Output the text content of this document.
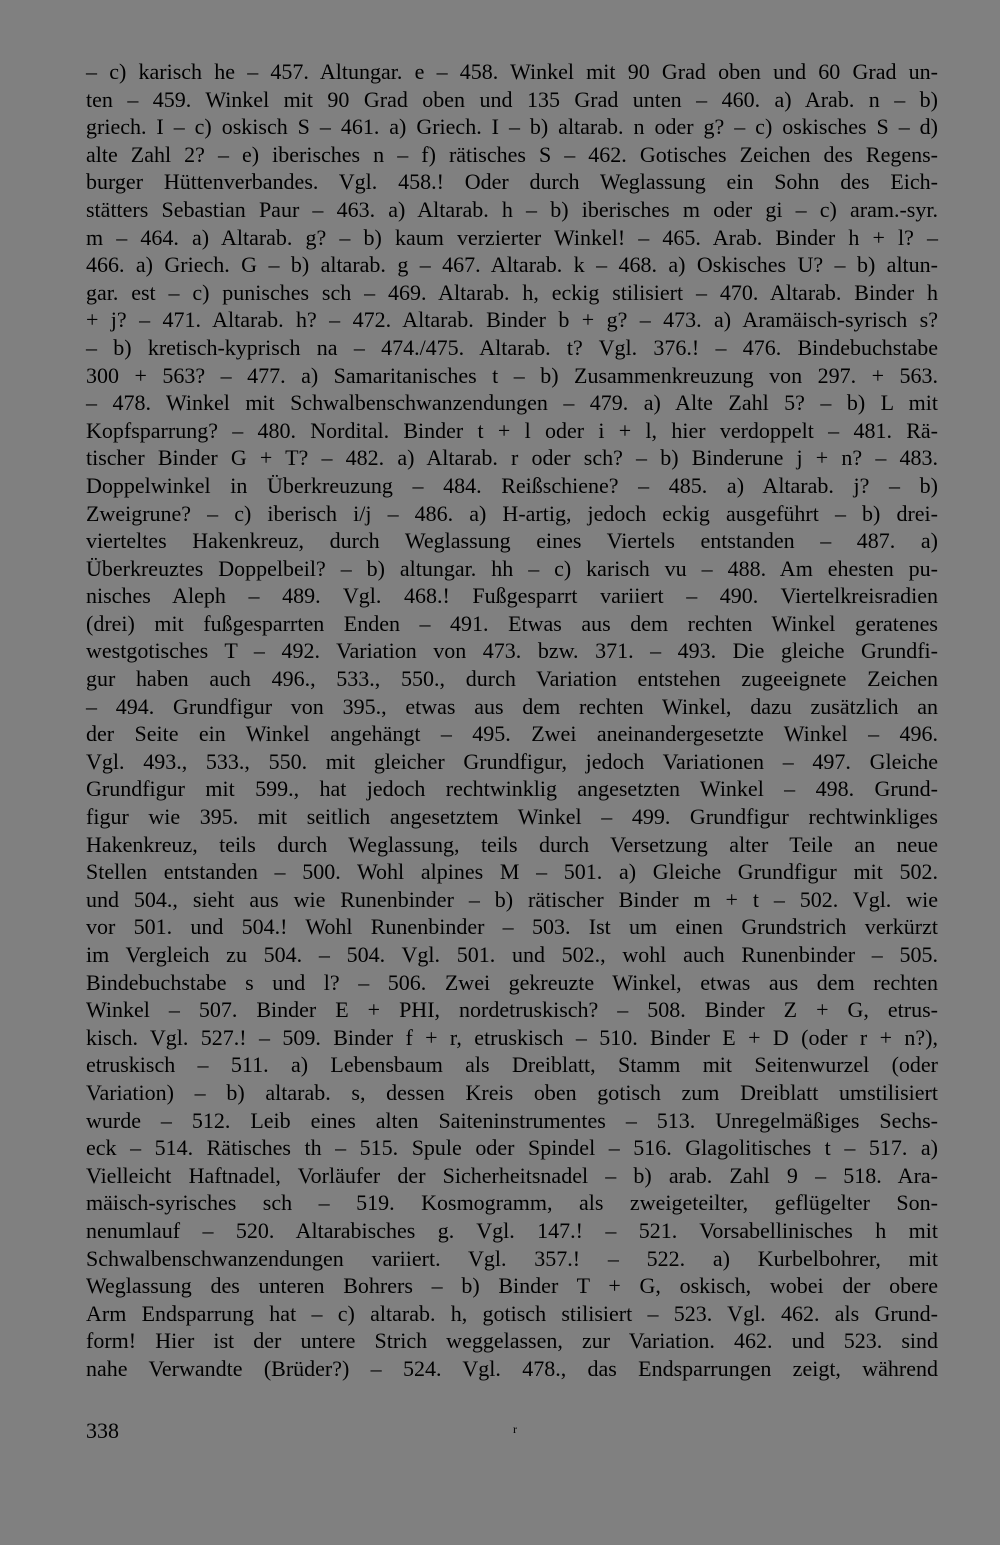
– c) karisch he – 457. Altungar. e – 458. Winkel mit 90 Grad oben und 60 Grad un-
ten – 459. Winkel mit 90 Grad oben und 135 Grad unten – 460. a) Arab. n – b)
griech. I – c) oskisch S – 461. a) Griech. I – b) altarab. n oder g? – c) oskisches S – d)
alte Zahl 2? – e) iberisches n – f) rätisches S – 462. Gotisches Zeichen des Regens-
burger Hüttenverbandes. Vgl. 458.! Oder durch Weglassung ein Sohn des Eich-
stätters Sebastian Paur – 463. a) Altarab. h – b) iberisches m oder gi – c) aram.-syr.
m – 464. a) Altarab. g? – b) kaum verzierter Winkel! – 465. Arab. Binder h + l? –
466. a) Griech. G – b) altarab. g – 467. Altarab. k – 468. a) Oskisches U? – b) altun-
gar. est – c) punisches sch – 469. Altarab. h, eckig stilisiert – 470. Altarab. Binder h
+ j? – 471. Altarab. h? – 472. Altarab. Binder b + g? – 473. a) Aramäisch-syrisch s?
– b) kretisch-kyprisch na – 474./475. Altarab. t? Vgl. 376.! – 476. Bindebuchstabe
300 + 563? – 477. a) Samaritanisches t – b) Zusammenkreuzung von 297. + 563.
– 478. Winkel mit Schwalbenschwanzendungen – 479. a) Alte Zahl 5? – b) L mit
Kopfsparrung? – 480. Nordital. Binder t + l oder i + l, hier verdoppelt – 481. Rä-
tischer Binder G + T? – 482. a) Altarab. r oder sch? – b) Binderune j + n? – 483.
Doppelwinkel in Überkreuzung – 484. Reißschiene? – 485. a) Altarab. j? – b)
Zweigrune? – c) iberisch i/j – 486. a) H-artig, jedoch eckig ausgeführt – b) drei-
vierteltes Hakenkreuz, durch Weglassung eines Viertels entstanden – 487. a)
Überkreuztes Doppelbeil? – b) altungar. hh – c) karisch vu – 488. Am ehesten pu-
nisches Aleph – 489. Vgl. 468.! Fußgesparrt variiert – 490. Viertelkreisradien
(drei) mit fußgesparrten Enden – 491. Etwas aus dem rechten Winkel geratenes
westgotisches T – 492. Variation von 473. bzw. 371. – 493. Die gleiche Grundfi-
gur haben auch 496., 533., 550., durch Variation entstehen zugeeignete Zeichen
– 494. Grundfigur von 395., etwas aus dem rechten Winkel, dazu zusätzlich an
der Seite ein Winkel angehängt – 495. Zwei aneinandergesetzte Winkel – 496.
Vgl. 493., 533., 550. mit gleicher Grundfigur, jedoch Variationen – 497. Gleiche
Grundfigur mit 599., hat jedoch rechtwinklig angesetzten Winkel – 498. Grund-
figur wie 395. mit seitlich angesetztem Winkel – 499. Grundfigur rechtwinkliges
Hakenkreuz, teils durch Weglassung, teils durch Versetzung alter Teile an neue
Stellen entstanden – 500. Wohl alpines M – 501. a) Gleiche Grundfigur mit 502.
und 504., sieht aus wie Runenbinder – b) rätischer Binder m + t – 502. Vgl. wie
vor 501. und 504.! Wohl Runenbinder – 503. Ist um einen Grundstrich verkürzt
im Vergleich zu 504. – 504. Vgl. 501. und 502., wohl auch Runenbinder – 505.
Bindebuchstabe s und l? – 506. Zwei gekreuzte Winkel, etwas aus dem rechten
Winkel – 507. Binder E + PHI, nordetruskisch? – 508. Binder Z + G, etrus-
kisch. Vgl. 527.! – 509. Binder f + r, etruskisch – 510. Binder E + D (oder r + n?),
etruskisch – 511. a) Lebensbaum als Dreiblatt, Stamm mit Seitenwurzel (oder
Variation) – b) altarab. s, dessen Kreis oben gotisch zum Dreiblatt umstilisiert
wurde – 512. Leib eines alten Saiteninstrumentes – 513. Unregelmäßiges Sechs-
eck – 514. Rätisches th – 515. Spule oder Spindel – 516. Glagolitisches t – 517. a)
Vielleicht Haftnadel, Vorläufer der Sicherheitsnadel – b) arab. Zahl 9 – 518. Ara-
mäisch-syrisches sch – 519. Kosmogramm, als zweigeteilter, geflügelter Son-
nenumlauf – 520. Altarabisches g. Vgl. 147.! – 521. Vorsabellinisches h mit
Schwalbenschwanzendungen variiert. Vgl. 357.! – 522. a) Kurbelbohrer, mit
Weglassung des unteren Bohrers – b) Binder T + G, oskisch, wobei der obere
Arm Endsparrung hat – c) altarab. h, gotisch stilisiert – 523. Vgl. 462. als Grund-
form! Hier ist der untere Strich weggelassen, zur Variation. 462. und 523. sind
nahe Verwandte (Brüder?) – 524. Vgl. 478., das Endsparrungen zeigt, während
r
338
